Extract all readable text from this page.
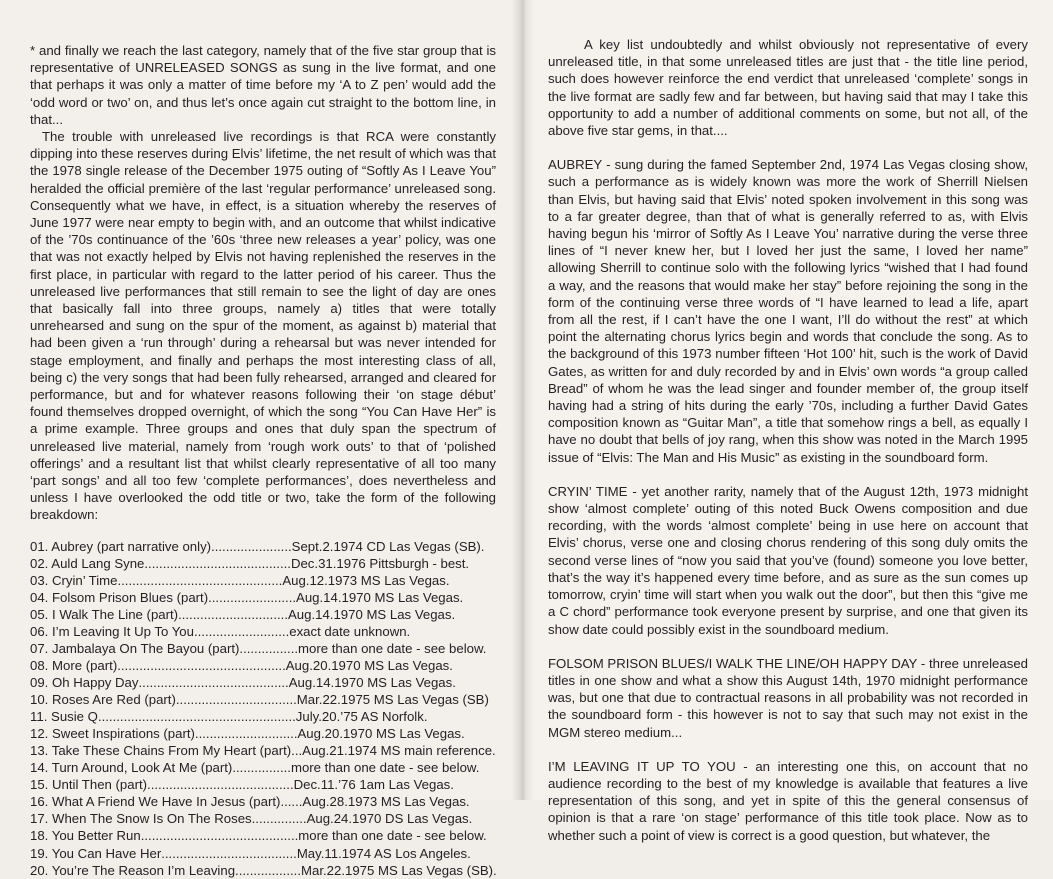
* and finally we reach the last category, namely that of the five star group that is representative of UNRELEASED SONGS as sung in the live format, and one that perhaps it was only a matter of time before my ‘A to Z pen’ would add the ‘odd word or two’ on, and thus let’s once again cut straight to the bottom line, in that...

The trouble with unreleased live recordings is that RCA were constantly dipping into these reserves during Elvis’ lifetime, the net result of which was that the 1978 single release of the December 1975 outing of “Softly As I Leave You” heralded the official première of the last ‘regular performance’ unreleased song. Consequently what we have, in effect, is a situation whereby the reserves of June 1977 were near empty to begin with, and an outcome that whilst indicative of the ’70s continuance of the ’60s ‘three new releases a year’ policy, was one that was not exactly helped by Elvis not having replenished the reserves in the first place, in particular with regard to the latter period of his career. Thus the unreleased live performances that still remain to see the light of day are ones that basically fall into three groups, namely a) titles that were totally unrehearsed and sung on the spur of the moment, as against b) material that had been given a ‘run through’ during a rehearsal but was never intended for stage employment, and finally and perhaps the most interesting class of all, being c) the very songs that had been fully rehearsed, arranged and cleared for performance, but and for whatever reasons following their ‘on stage début’ found themselves dropped overnight, of which the song “You Can Have Her” is a prime example. Three groups and ones that duly span the spectrum of unreleased live material, namely from ‘rough work outs’ to that of ‘polished offerings’ and a resultant list that whilst clearly representative of all too many ‘part songs’ and all too few ‘complete performances’, does nevertheless and unless I have overlooked the odd title or two, take the form of the following breakdown:

01. Aubrey (part narrative only) ...................... Sept.2.1974 CD Las Vegas (SB).
02. Auld Lang Syne ........................................ Dec.31.1976 Pittsburgh - best.
03. Cryin’ Time ............................................. Aug.12.1973 MS Las Vegas.
04. Folsom Prison Blues (part) ........................ Aug.14.1970 MS Las Vegas.
05. I Walk The Line (part) .............................. Aug.14.1970 MS Las Vegas.
06. I’m Leaving It Up To You .......................... exact date unknown.
07. Jambalaya On The Bayou (part) ................ more than one date - see below.
08. More (part) .............................................. Aug.20.1970 MS Las Vegas.
09. Oh Happy Day ......................................... Aug.14.1970 MS Las Vegas.
10. Roses Are Red (part) ................................. Mar.22.1975 MS Las Vegas (SB)
11. Susie Q ...................................................... July.20.’75 AS Norfolk.
12. Sweet Inspirations (part) ............................ Aug.20.1970 MS Las Vegas.
13. Take These Chains From My Heart (part) ... Aug.21.1974 MS main reference.
14. Turn Around, Look At Me (part) ................ more than one date - see below.
15. Until Then (part) ........................................ Dec.11.’76 1am Las Vegas.
16. What A Friend We Have In Jesus (part) ...... Aug.28.1973 MS Las Vegas.
17. When The Snow Is On The Roses ............... Aug.24.1970 DS Las Vegas.
18. You Better Run ........................................... more than one date - see below.
19. You Can Have Her ..................................... May.11.1974 AS Los Angeles.
20. You’re The Reason I’m Leaving .................. Mar.22.1975 MS Las Vegas (SB).

A key list undoubtedly and whilst obviously not representative of every unreleased title, in that some unreleased titles are just that - the title line period, such does however reinforce the end verdict that unreleased ‘complete’ songs in the live format are sadly few and far between, but having said that may I take this opportunity to add a number of additional comments on some, but not all, of the above five star gems, in that....

AUBREY - sung during the famed September 2nd, 1974 Las Vegas closing show, such a performance as is widely known was more the work of Sherrill Nielsen than Elvis, but having said that Elvis’ noted spoken involvement in this song was to a far greater degree, than that of what is generally referred to as, with Elvis having begun his ‘mirror of Softly As I Leave You’ narrative during the verse three lines of “I never knew her, but I loved her just the same, I loved her name” allowing Sherrill to continue solo with the following lyrics “wished that I had found a way, and the reasons that would make her stay” before rejoining the song in the form of the continuing verse three words of “I have learned to lead a life, apart from all the rest, if I can’t have the one I want, I’ll do without the rest” at which point the alternating chorus lyrics begin and words that conclude the song. As to the background of this 1973 number fifteen ‘Hot 100’ hit, such is the work of David Gates, as written for and duly recorded by and in Elvis’ own words “a group called Bread” of whom he was the lead singer and founder member of, the group itself having had a string of hits during the early ’70s, including a further David Gates composition known as “Guitar Man”, a title that somehow rings a bell, as equally I have no doubt that bells of joy rang, when this show was noted in the March 1995 issue of “Elvis: The Man and His Music” as existing in the soundboard form.

CRYIN’ TIME - yet another rarity, namely that of the August 12th, 1973 midnight show ‘almost complete’ outing of this noted Buck Owens composition and due recording, with the words ‘almost complete’ being in use here on account that Elvis’ chorus, verse one and closing chorus rendering of this song duly omits the second verse lines of “now you said that you’ve (found) someone you love better, that’s the way it’s happened every time before, and as sure as the sun comes up tomorrow, cryin’ time will start when you walk out the door”, but then this “give me a C chord” performance took everyone present by surprise, and one that given its show date could possibly exist in the soundboard medium.

FOLSOM PRISON BLUES/I WALK THE LINE/OH HAPPY DAY - three unreleased titles in one show and what a show this August 14th, 1970 midnight performance was, but one that due to contractual reasons in all probability was not recorded in the soundboard form - this however is not to say that such may not exist in the MGM stereo medium...

I’M LEAVING IT UP TO YOU - an interesting one this, on account that no audience recording to the best of my knowledge is available that features a live representation of this song, and yet in spite of this the general consensus of opinion is that a rare ‘on stage’ performance of this title took place. Now as to whether such a point of view is correct is a good question, but whatever, the
